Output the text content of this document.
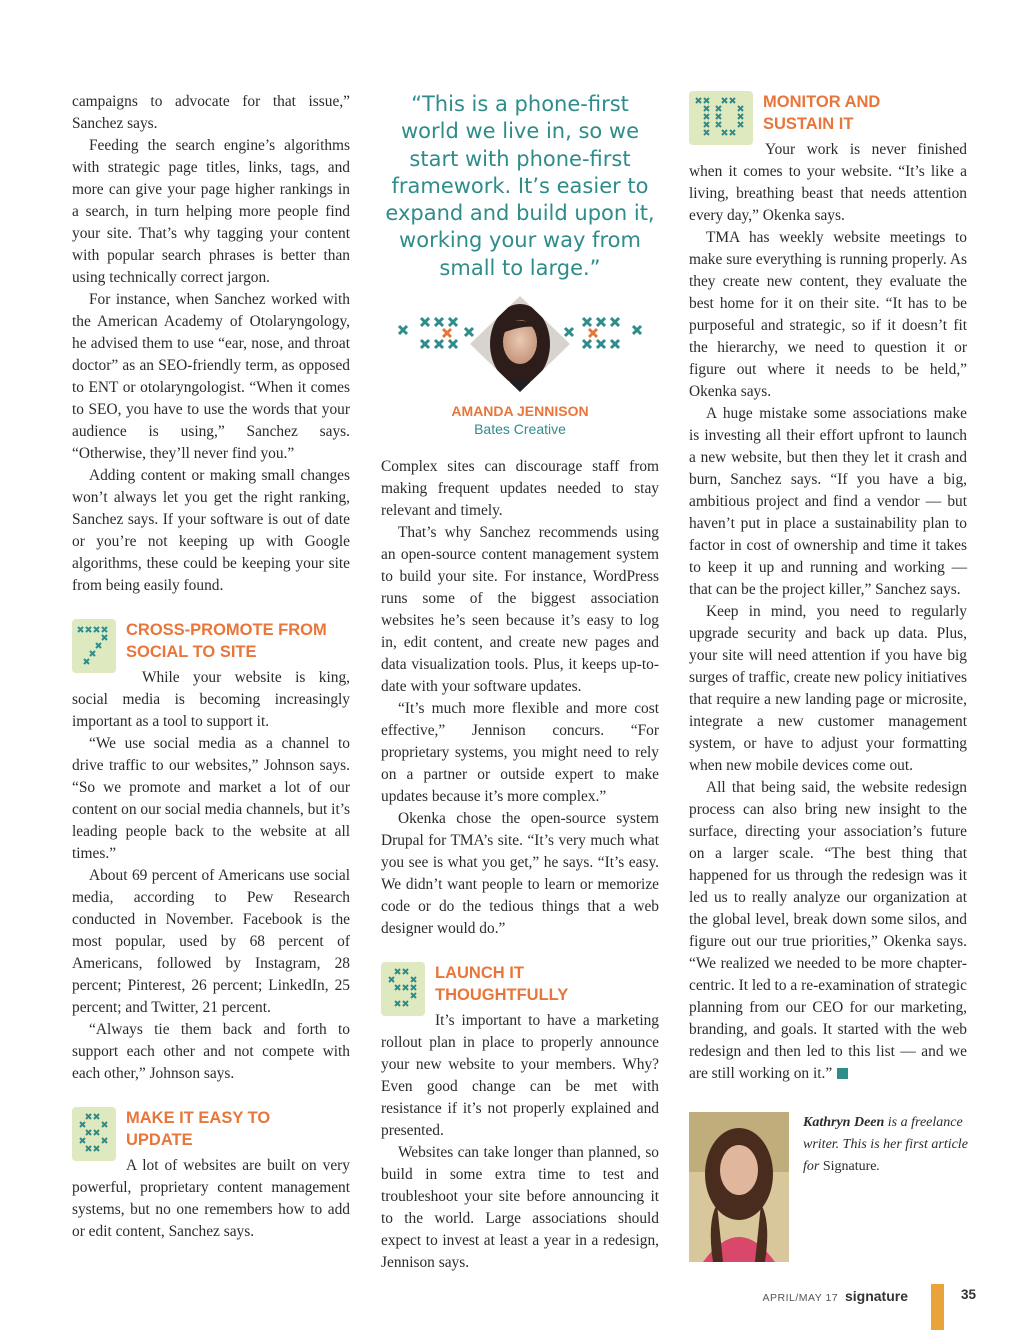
campaigns to advocate for that issue,” Sanchez says.

Feeding the search engine’s algorithms with strategic page titles, links, tags, and more can give your page higher rankings in a search, in turn helping more people find your site. That’s why tagging your content with popular search phrases is better than using technically correct jargon.

For instance, when Sanchez worked with the American Academy of Otolaryngology, he advised them to use “ear, nose, and throat doctor” as an SEO-friendly term, as opposed to ENT or otolaryngologist. “When it comes to SEO, you have to use the words that your audience is using,” Sanchez says. “Otherwise, they’ll never find you.”

Adding content or making small changes won’t always let you get the right ranking, Sanchez says. If your software is out of date or you’re not keeping up with Google algorithms, these could be keeping your site from being easily found.

7	CROSS-PROMOTE FROM
SOCIAL TO SITE

While your website is king, social media is becoming increasingly important as a tool to support it.

“We use social media as a channel to drive traffic to our websites,” Johnson says. “So we promote and market a lot of our content on our social media channels, but it’s leading people back to the website at all times.”

About 69 percent of Americans use social media, according to Pew Research conducted in November. Facebook is the most popular, used by 68 percent of Americans, followed by Instagram, 28 percent; Pinterest, 26 percent; LinkedIn, 25 percent; and Twitter, 21 percent.

“Always tie them back and forth to support each other and not compete with each other,” Johnson says.

8	MAKE IT EASY TO
UPDATE

A lot of websites are built on very powerful, proprietary content management systems, but no one remembers how to add or edit content, Sanchez says.

“This is a phone-first world we live in, so we start with phone-first framework. It’s easier to expand and build upon it, working your way from small to large.”
AMANDA JENNISON
Bates Creative

Complex sites can discourage staff from making frequent updates needed to stay relevant and timely.

That’s why Sanchez recommends using an open-source content management system to build your site. For instance, WordPress runs some of the biggest association websites he’s seen because it’s easy to log in, edit content, and create new pages and data visualization tools. Plus, it keeps up-to-date with your software updates.

“It’s much more flexible and more cost effective,” Jennison concurs. “For proprietary systems, you might need to rely on a partner or outside expert to make updates because it’s more complex.”

Okenka chose the open-source system Drupal for TMA’s site. “It’s very much what you see is what you get,” he says. “It’s easy. We didn’t want people to learn or memorize code or do the tedious things that a web designer would do.”

9	LAUNCH IT
THOUGHTFULLY

It’s important to have a marketing rollout plan in place to properly announce your new website to your members. Why? Even good change can be met with resistance if it’s not properly explained and presented.

Websites can take longer than planned, so build in some extra time to test and troubleshoot your site before announcing it to the world. Large associations should expect to invest at least a year in a redesign, Jennison says.

10	MONITOR AND
SUSTAIN IT

Your work is never finished when it comes to your website. “It’s like a living, breathing beast that needs attention every day,” Okenka says.

TMA has weekly website meetings to make sure everything is running properly. As they create new content, they evaluate the best home for it on their site. “It has to be purposeful and strategic, so if it doesn’t fit the hierarchy, we need to question it or figure out where it needs to be held,” Okenka says.

A huge mistake some associations make is investing all their effort upfront to launch a new website, but then they let it crash and burn, Sanchez says. “If you have a big, ambitious project and find a vendor — but haven’t put in place a sustainability plan to factor in cost of ownership and time it takes to keep it up and running and working — that can be the project killer,” Sanchez says.

Keep in mind, you need to regularly upgrade security and back up data. Plus, your site will need attention if you have big surges of traffic, create new policy initiatives that require a new landing page or microsite, integrate a new customer management system, or have to adjust your formatting when new mobile devices come out.

All that being said, the website redesign process can also bring new insight to the surface, directing your association’s future on a larger scale. “The best thing that happened for us through the redesign was it led us to really analyze our organization at the global level, break down some silos, and figure out our true priorities,” Okenka says. “We realized we needed to be more chapter-centric. It led to a re-examination of strategic planning from our CEO for our marketing, branding, and goals. It started with the web redesign and then led to this list — and we are still working on it.”

Kathryn Deen is a freelance writer. This is her first article for Signature.
APRIL/MAY 17 signature	35
